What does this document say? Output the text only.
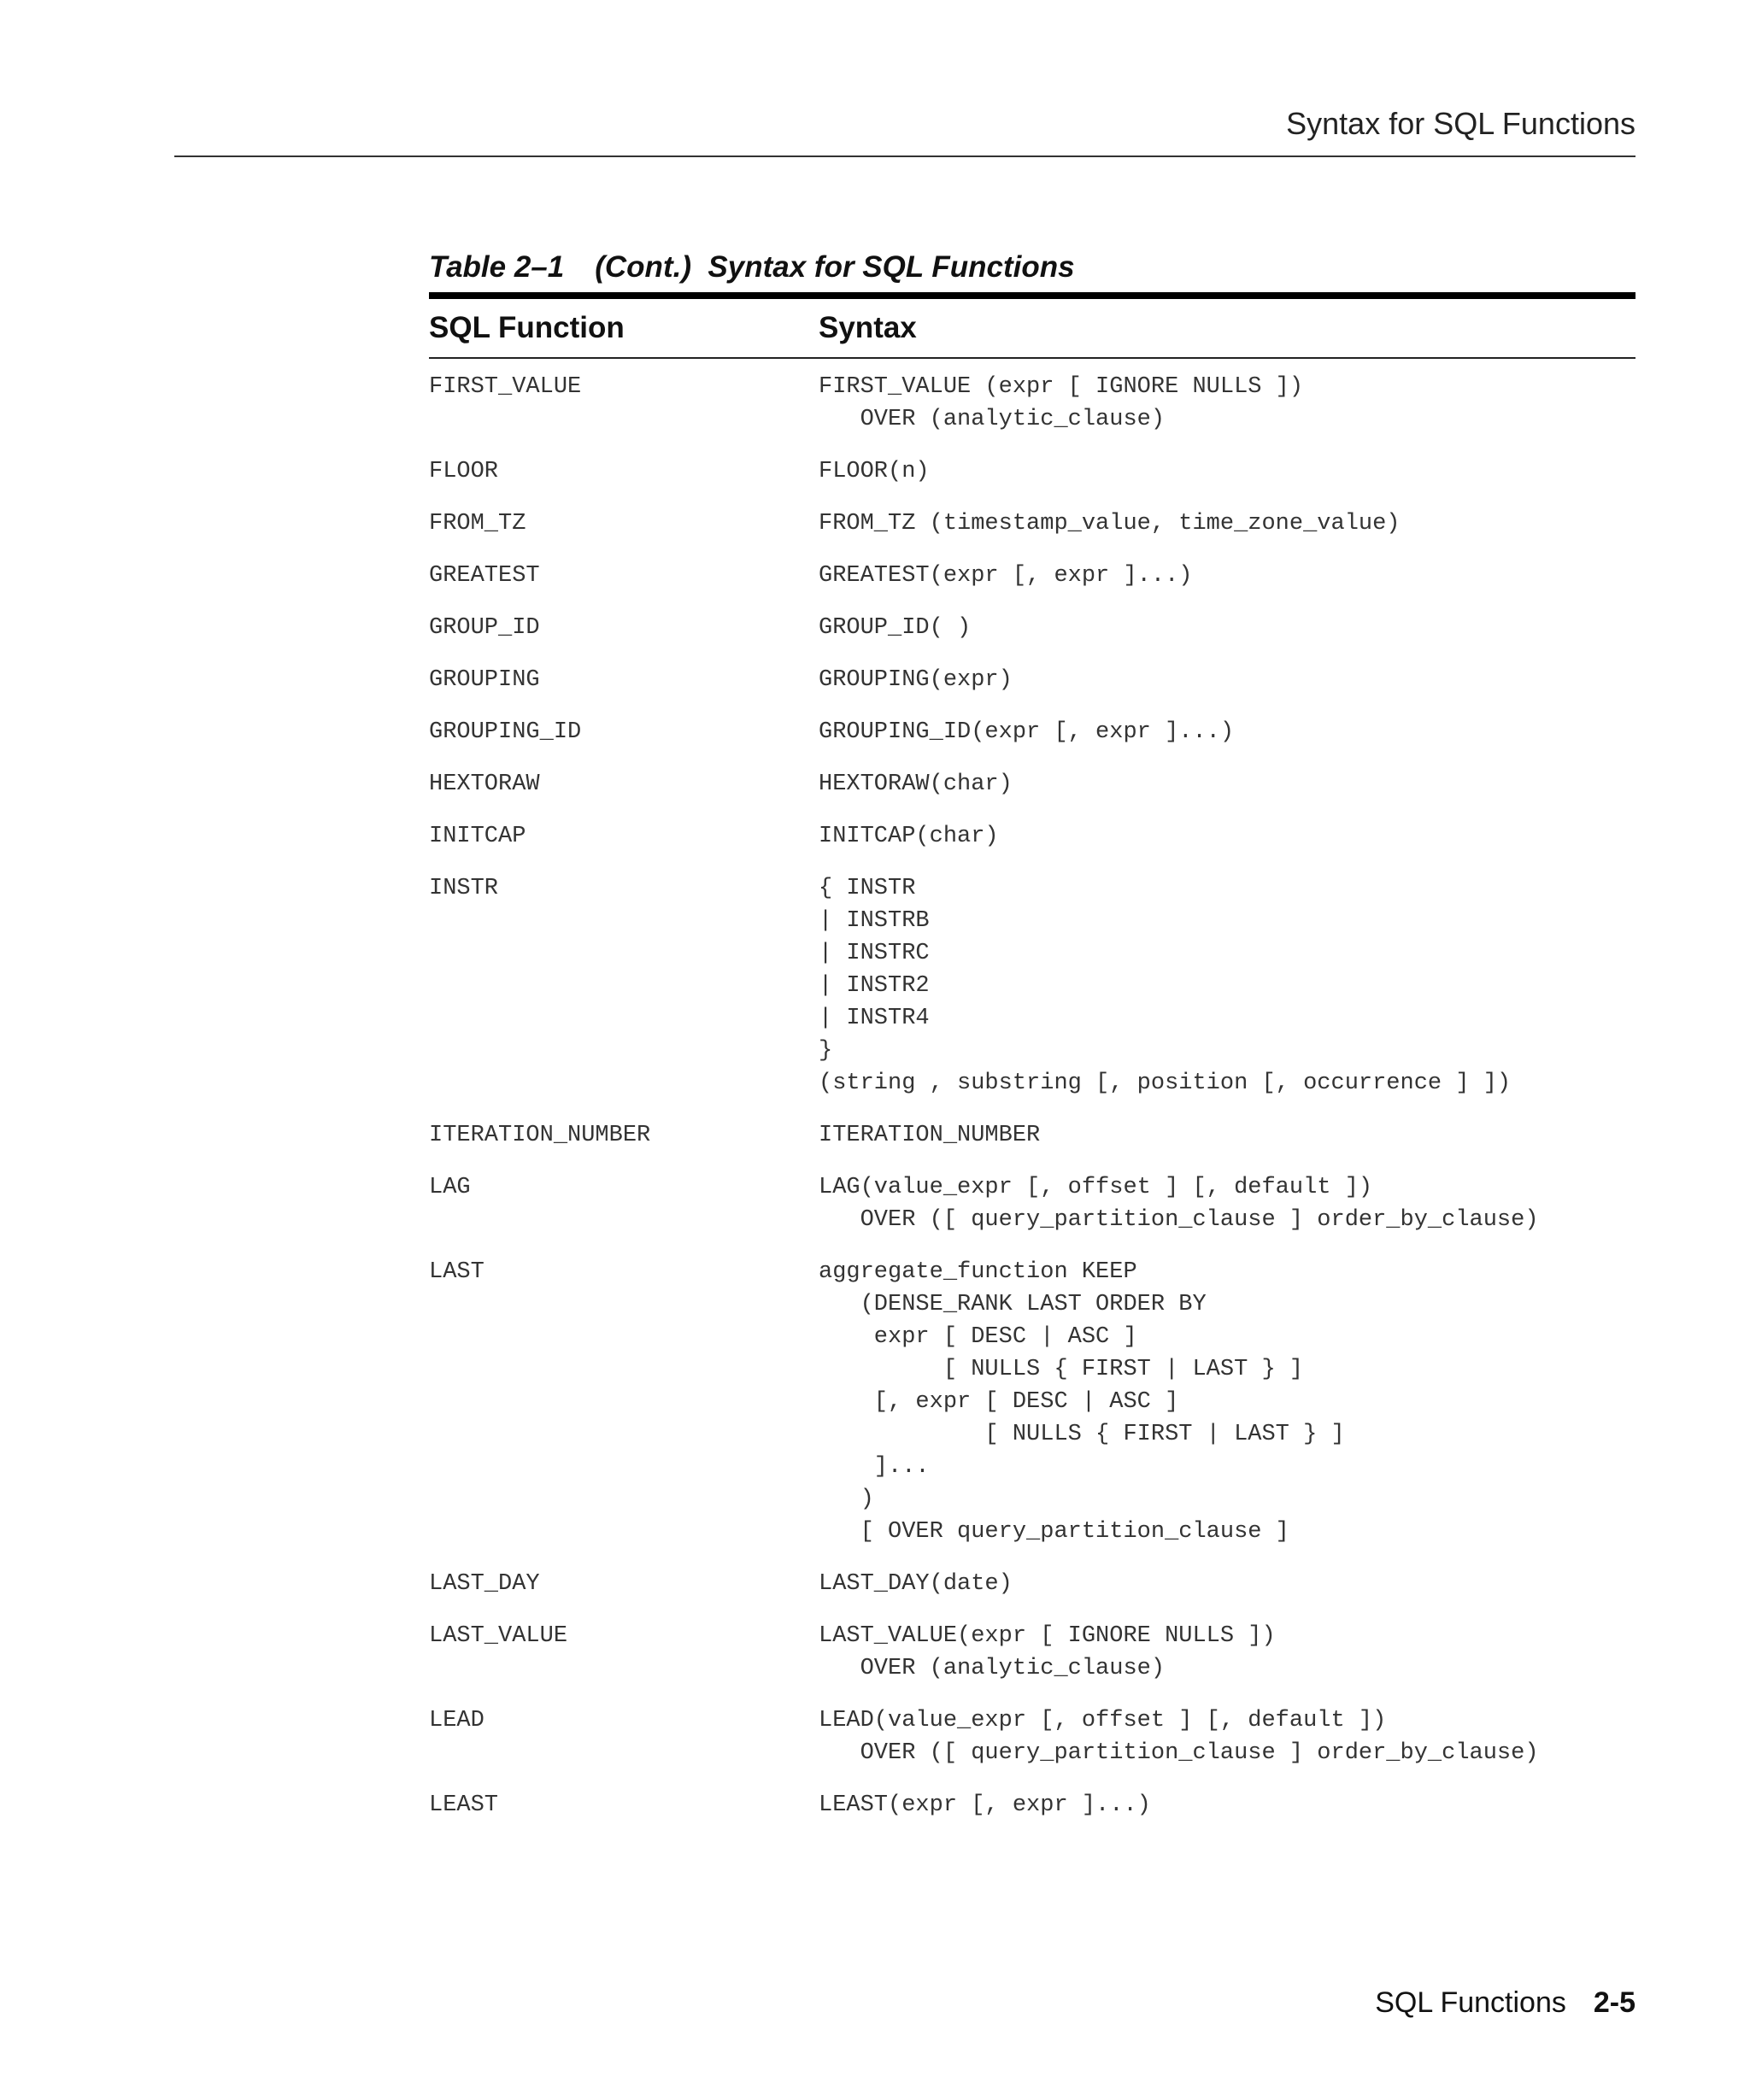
Syntax for SQL Functions
Table 2–1 (Cont.)  Syntax for SQL Functions
SQL Function	Syntax
FIRST_VALUE	FIRST_VALUE (expr [ IGNORE NULLS ])
OVER (analytic_clause)
FLOOR	FLOOR(n)
FROM_TZ	FROM_TZ (timestamp_value, time_zone_value)
GREATEST	GREATEST(expr [, expr ]...)
GROUP_ID	GROUP_ID( )
GROUPING	GROUPING(expr)
GROUPING_ID	GROUPING_ID(expr [, expr ]...)
HEXTORAW	HEXTORAW(char)
INITCAP	INITCAP(char)
INSTR	{ INSTR
| INSTRB
| INSTRC
| INSTR2
| INSTR4
}
(string , substring [, position [, occurrence ] ])
ITERATION_NUMBER	ITERATION_NUMBER
LAG	LAG(value_expr [, offset ] [, default ])
OVER ([ query_partition_clause ] order_by_clause)
LAST	aggregate_function KEEP
(DENSE_RANK LAST ORDER BY
expr [ DESC | ASC ]
[ NULLS { FIRST | LAST } ]
[, expr [ DESC | ASC ]
[ NULLS { FIRST | LAST } ]
]...
)
[ OVER query_partition_clause ]
LAST_DAY	LAST_DAY(date)
LAST_VALUE	LAST_VALUE(expr [ IGNORE NULLS ])
OVER (analytic_clause)
LEAD	LEAD(value_expr [, offset ] [, default ])
OVER ([ query_partition_clause ] order_by_clause)
LEAST	LEAST(expr [, expr ]...)
SQL Functions 2-5
